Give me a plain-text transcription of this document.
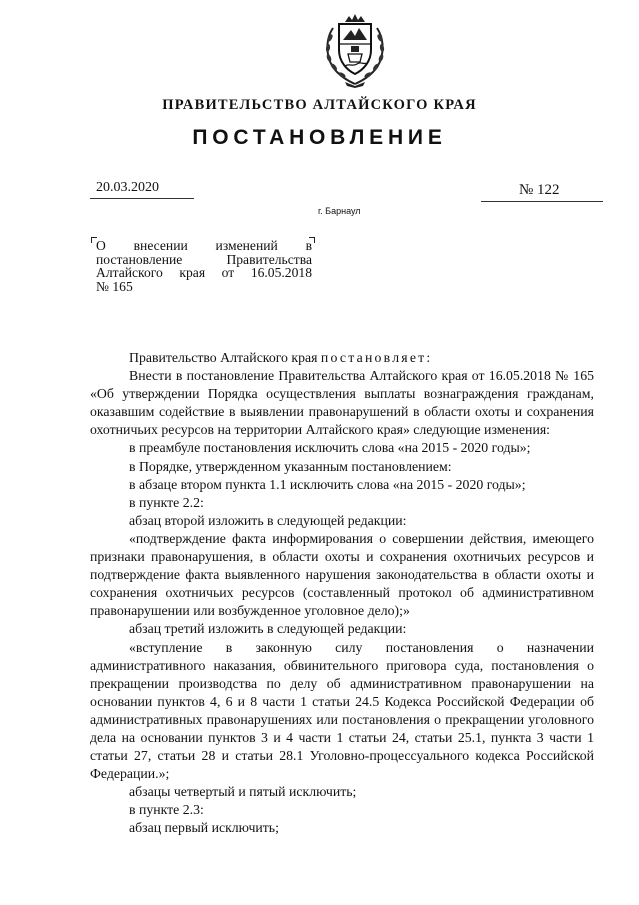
ПРАВИТЕЛЬСТВО АЛТАЙСКОГО КРАЯ
ПОСТАНОВЛЕНИЕ
20.03.2020	№ 122
г. Барнаул
О внесении изменений в
постановление Правительства
Алтайского края от 16.05.2018
№ 165

Правительство Алтайского края постановляет:

Внести в постановление Правительства Алтайского края от 16.05.2018 № 165 «Об утверждении Порядка осуществления выплаты вознаграждения гражданам, оказавшим содействие в выявлении правонарушений в области охоты и сохранения охотничьих ресурсов на территории Алтайского края» следующие изменения:

в преамбуле постановления исключить слова «на 2015 - 2020 годы»;

в Порядке, утвержденном указанным постановлением:

в абзаце втором пункта 1.1 исключить слова «на 2015 - 2020 годы»;

в пункте 2.2:

абзац второй изложить в следующей редакции:

«подтверждение факта информирования о совершении действия, имеющего признаки правонарушения, в области охоты и сохранения охотничьих ресурсов и подтверждение факта выявленного нарушения законодательства в области охоты и сохранения охотничьих ресурсов (составленный протокол об административном правонарушении или возбужденное уголовное дело);»

абзац третий изложить в следующей редакции:

«вступление в законную силу постановления о назначении административного наказания, обвинительного приговора суда, постановления о прекращении производства по делу об административном правонарушении на основании пунктов 4, 6 и 8 части 1 статьи 24.5 Кодекса Российской Федерации об административных правонарушениях или постановления о прекращении уголовного дела на основании пунктов 3 и 4 части 1 статьи 24, статьи 25.1, пункта 3 части 1 статьи 27, статьи 28 и статьи 28.1 Уголовно-процессуального кодекса Российской Федерации.»;

абзацы четвертый и пятый исключить;

в пункте 2.3:

абзац первый исключить;
